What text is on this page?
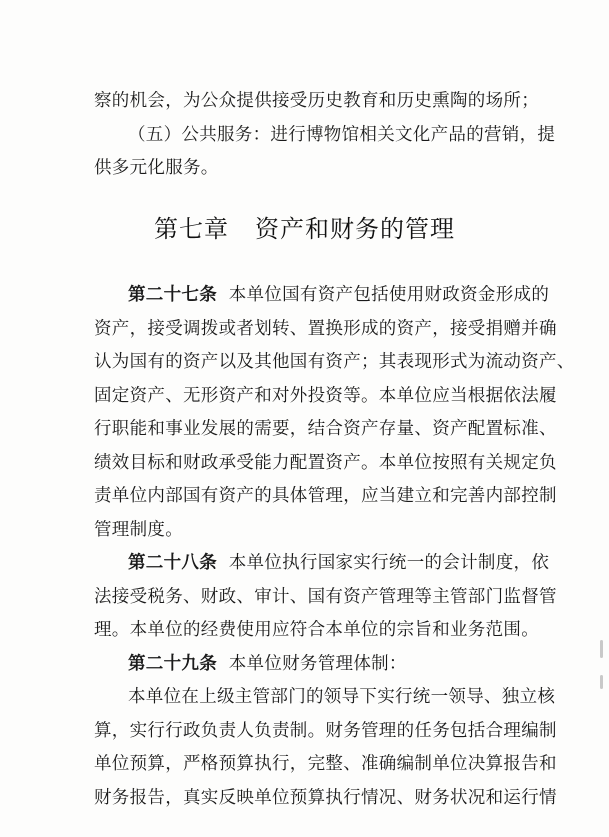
察的机会，为公众提供接受历史教育和历史熏陶的场所；
（五）公共服务：进行博物馆相关文化产品的营销，提
供多元化服务。
第七章 资产和财务的管理
第二十七条 本单位国有资产包括使用财政资金形成的
资产，接受调拨或者划转、置换形成的资产，接受捐赠并确
认为国有的资产以及其他国有资产；其表现形式为流动资产、
固定资产、无形资产和对外投资等。本单位应当根据依法履
行职能和事业发展的需要，结合资产存量、资产配置标准、
绩效目标和财政承受能力配置资产。本单位按照有关规定负
责单位内部国有资产的具体管理，应当建立和完善内部控制
管理制度。
第二十八条 本单位执行国家实行统一的会计制度，依
法接受税务、财政、审计、国有资产管理等主管部门监督管
理。本单位的经费使用应符合本单位的宗旨和业务范围。
第二十九条 本单位财务管理体制：
本单位在上级主管部门的领导下实行统一领导、独立核
算，实行行政负责人负责制。财务管理的任务包括合理编制
单位预算，严格预算执行，完整、准确编制单位决算报告和
财务报告，真实反映单位预算执行情况、财务状况和运行情
